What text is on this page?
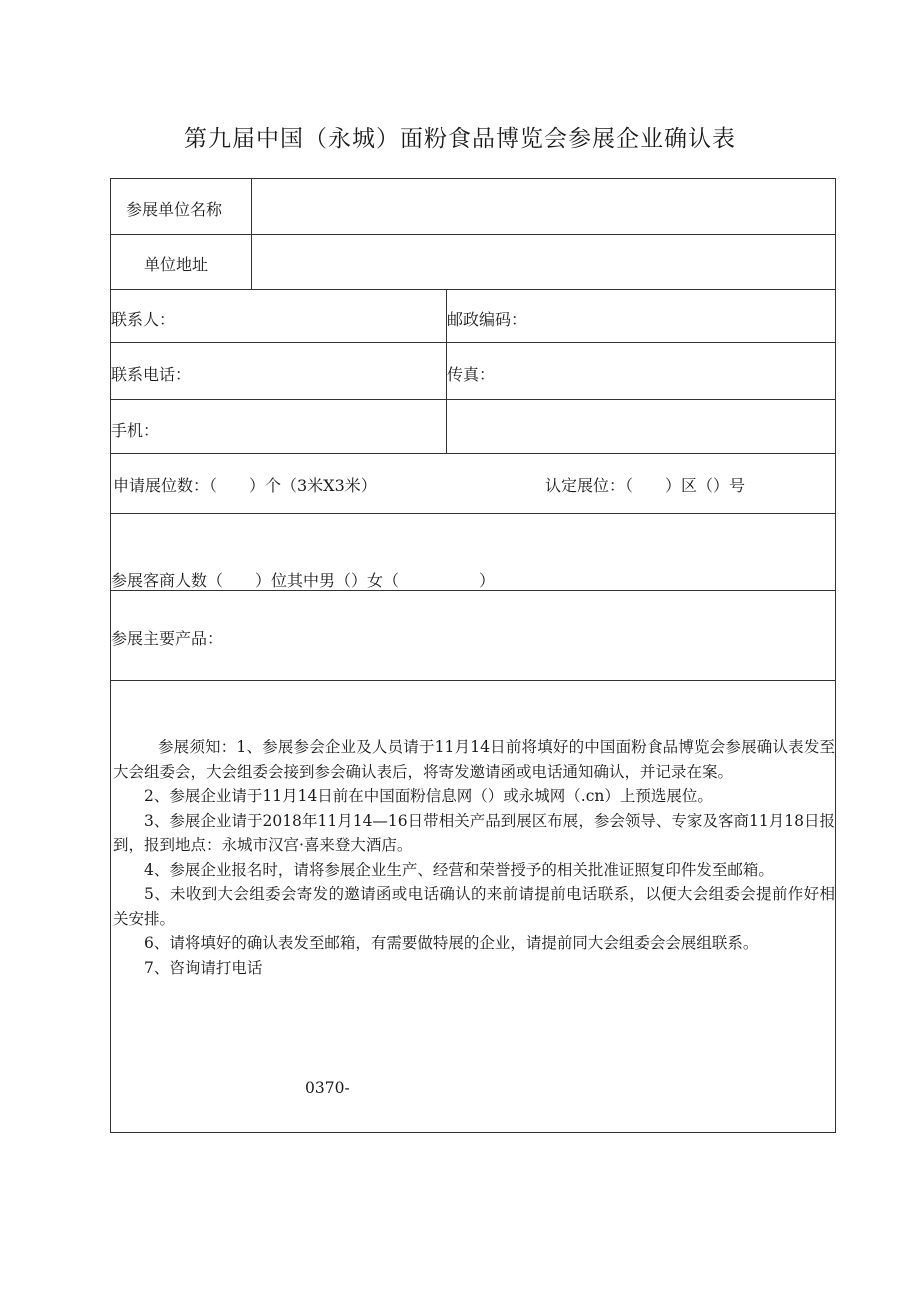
第九届中国（永城）面粉食品博览会参展企业确认表
参展单位名称
单位地址
联系人：	邮政编码：
联系电话：	传真：
手机：
申请展位数：（　　）个（3米X3米）	认定展位：（　　）区（）号
参展客商人数（　　）位其中男（）女（　　　　　）
参展主要产品：

参展须知：1、参展参会企业及人员请于11月14日前将填好的中国面粉食品博览会参展确认表发至大会组委会，大会组委会接到参会确认表后，将寄发邀请函或电话通知确认，并记录在案。

2、参展企业请于11月14日前在中国面粉信息网（）或永城网（.cn）上预选展位。

3、参展企业请于2018年11月14—16日带相关产品到展区布展，参会领导、专家及客商11月18日报到，报到地点：永城市汉宫·喜来登大酒店。

4、参展企业报名时，请将参展企业生产、经营和荣誉授予的相关批准证照复印件发至邮箱。

5、未收到大会组委会寄发的邀请函或电话确认的来前请提前电话联系，以便大会组委会提前作好相关安排。

6、请将填好的确认表发至邮箱，有需要做特展的企业，请提前同大会组委会会展组联系。

7、咨询请打电话

0370-
